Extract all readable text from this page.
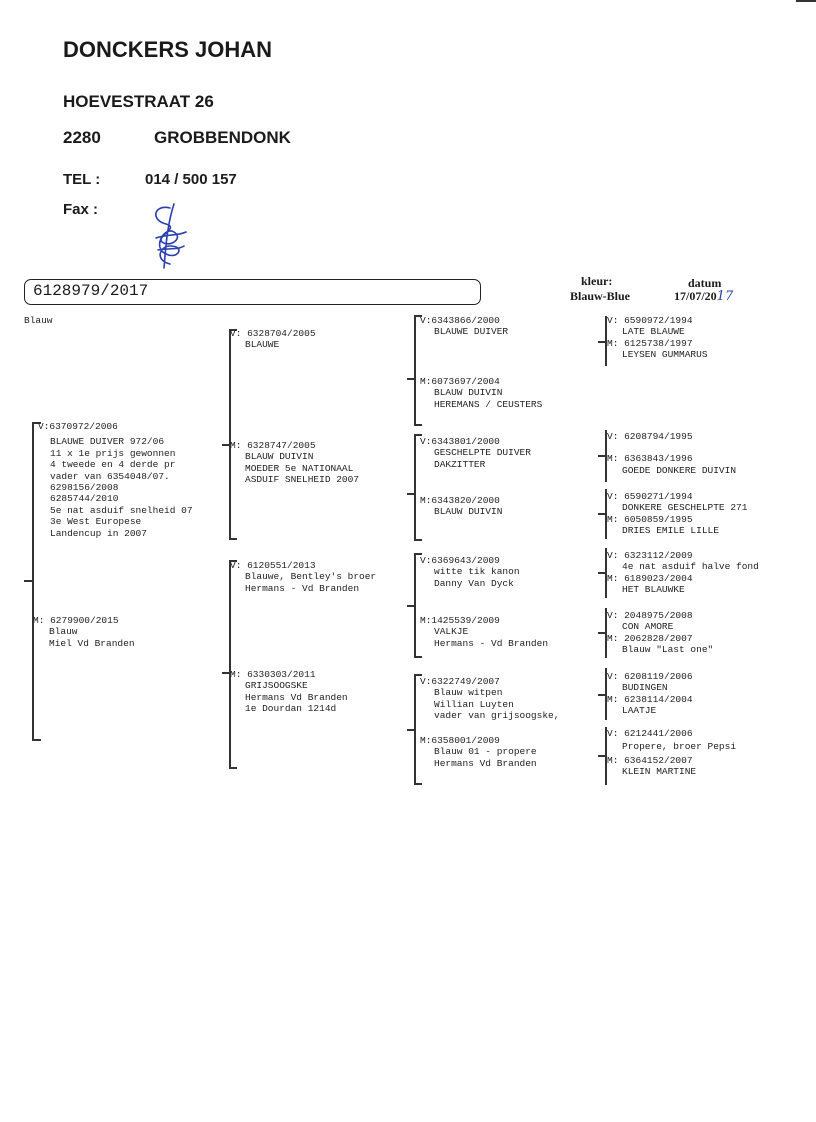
DONCKERS JOHAN
HOEVESTRAAT 26
2280	GROBBENDONK
TEL :	014 / 500 157
Fax :
6128979/2017
Blauw
kleur:
Blauw-Blue
datum
17/07/2017
V:6370972/2006
BLAUWE DUIVER 972/06
11 x 1e prijs gewonnen
4 tweede en 4 derde pr
vader van 6354048/07.
6298156/2008
6285744/2010
5e nat asduif snelheid 07
3e West Europese
Landencup in 2007
M: 6279900/2015
Blauw
Miel Vd Branden
V: 6328704/2005
BLAUWE
M: 6328747/2005
BLAUW DUIVIN
MOEDER 5e NATIONAAL
ASDUIF SNELHEID 2007
V: 6120551/2013
Blauwe, Bentley's broer
Hermans - Vd Branden
M: 6330303/2011
GRIJSOOGSKE
Hermans Vd Branden
1e Dourdan 1214d
V:6343866/2000
BLAUWE DUIVER
M:6073697/2004
BLAUW DUIVIN
HEREMANS / CEUSTERS
V:6343801/2000
GESCHELPTE DUIVER
DAKZITTER
M:6343820/2000
BLAUW DUIVIN
V:6369643/2009
witte tik kanon
Danny Van Dyck
M:1425539/2009
VALKJE
Hermans - Vd Branden
V:6322749/2007
Blauw witpen
Willian Luyten
vader van grijsoogske,
M:6358001/2009
Blauw 01 - propere
Hermans Vd Branden
V: 6590972/1994
LATE BLAUWE
M: 6125738/1997
LEYSEN GUMMARUS
V: 6208794/1995
M: 6363843/1996
GOEDE DONKERE DUIVIN
V: 6590271/1994
DONKERE GESCHELPTE 271
M: 6050859/1995
DRIES EMILE LILLE
V: 6323112/2009
4e nat asduif halve fond
M: 6189023/2004
HET BLAUWKE
V: 2048975/2008
CON AMORE
M: 2062828/2007
Blauw "Last one"
V: 6208119/2006
BUDINGEN
M: 6238114/2004
LAATJE
V: 6212441/2006
Propere, broer Pepsi
M: 6364152/2007
KLEIN MARTINE
